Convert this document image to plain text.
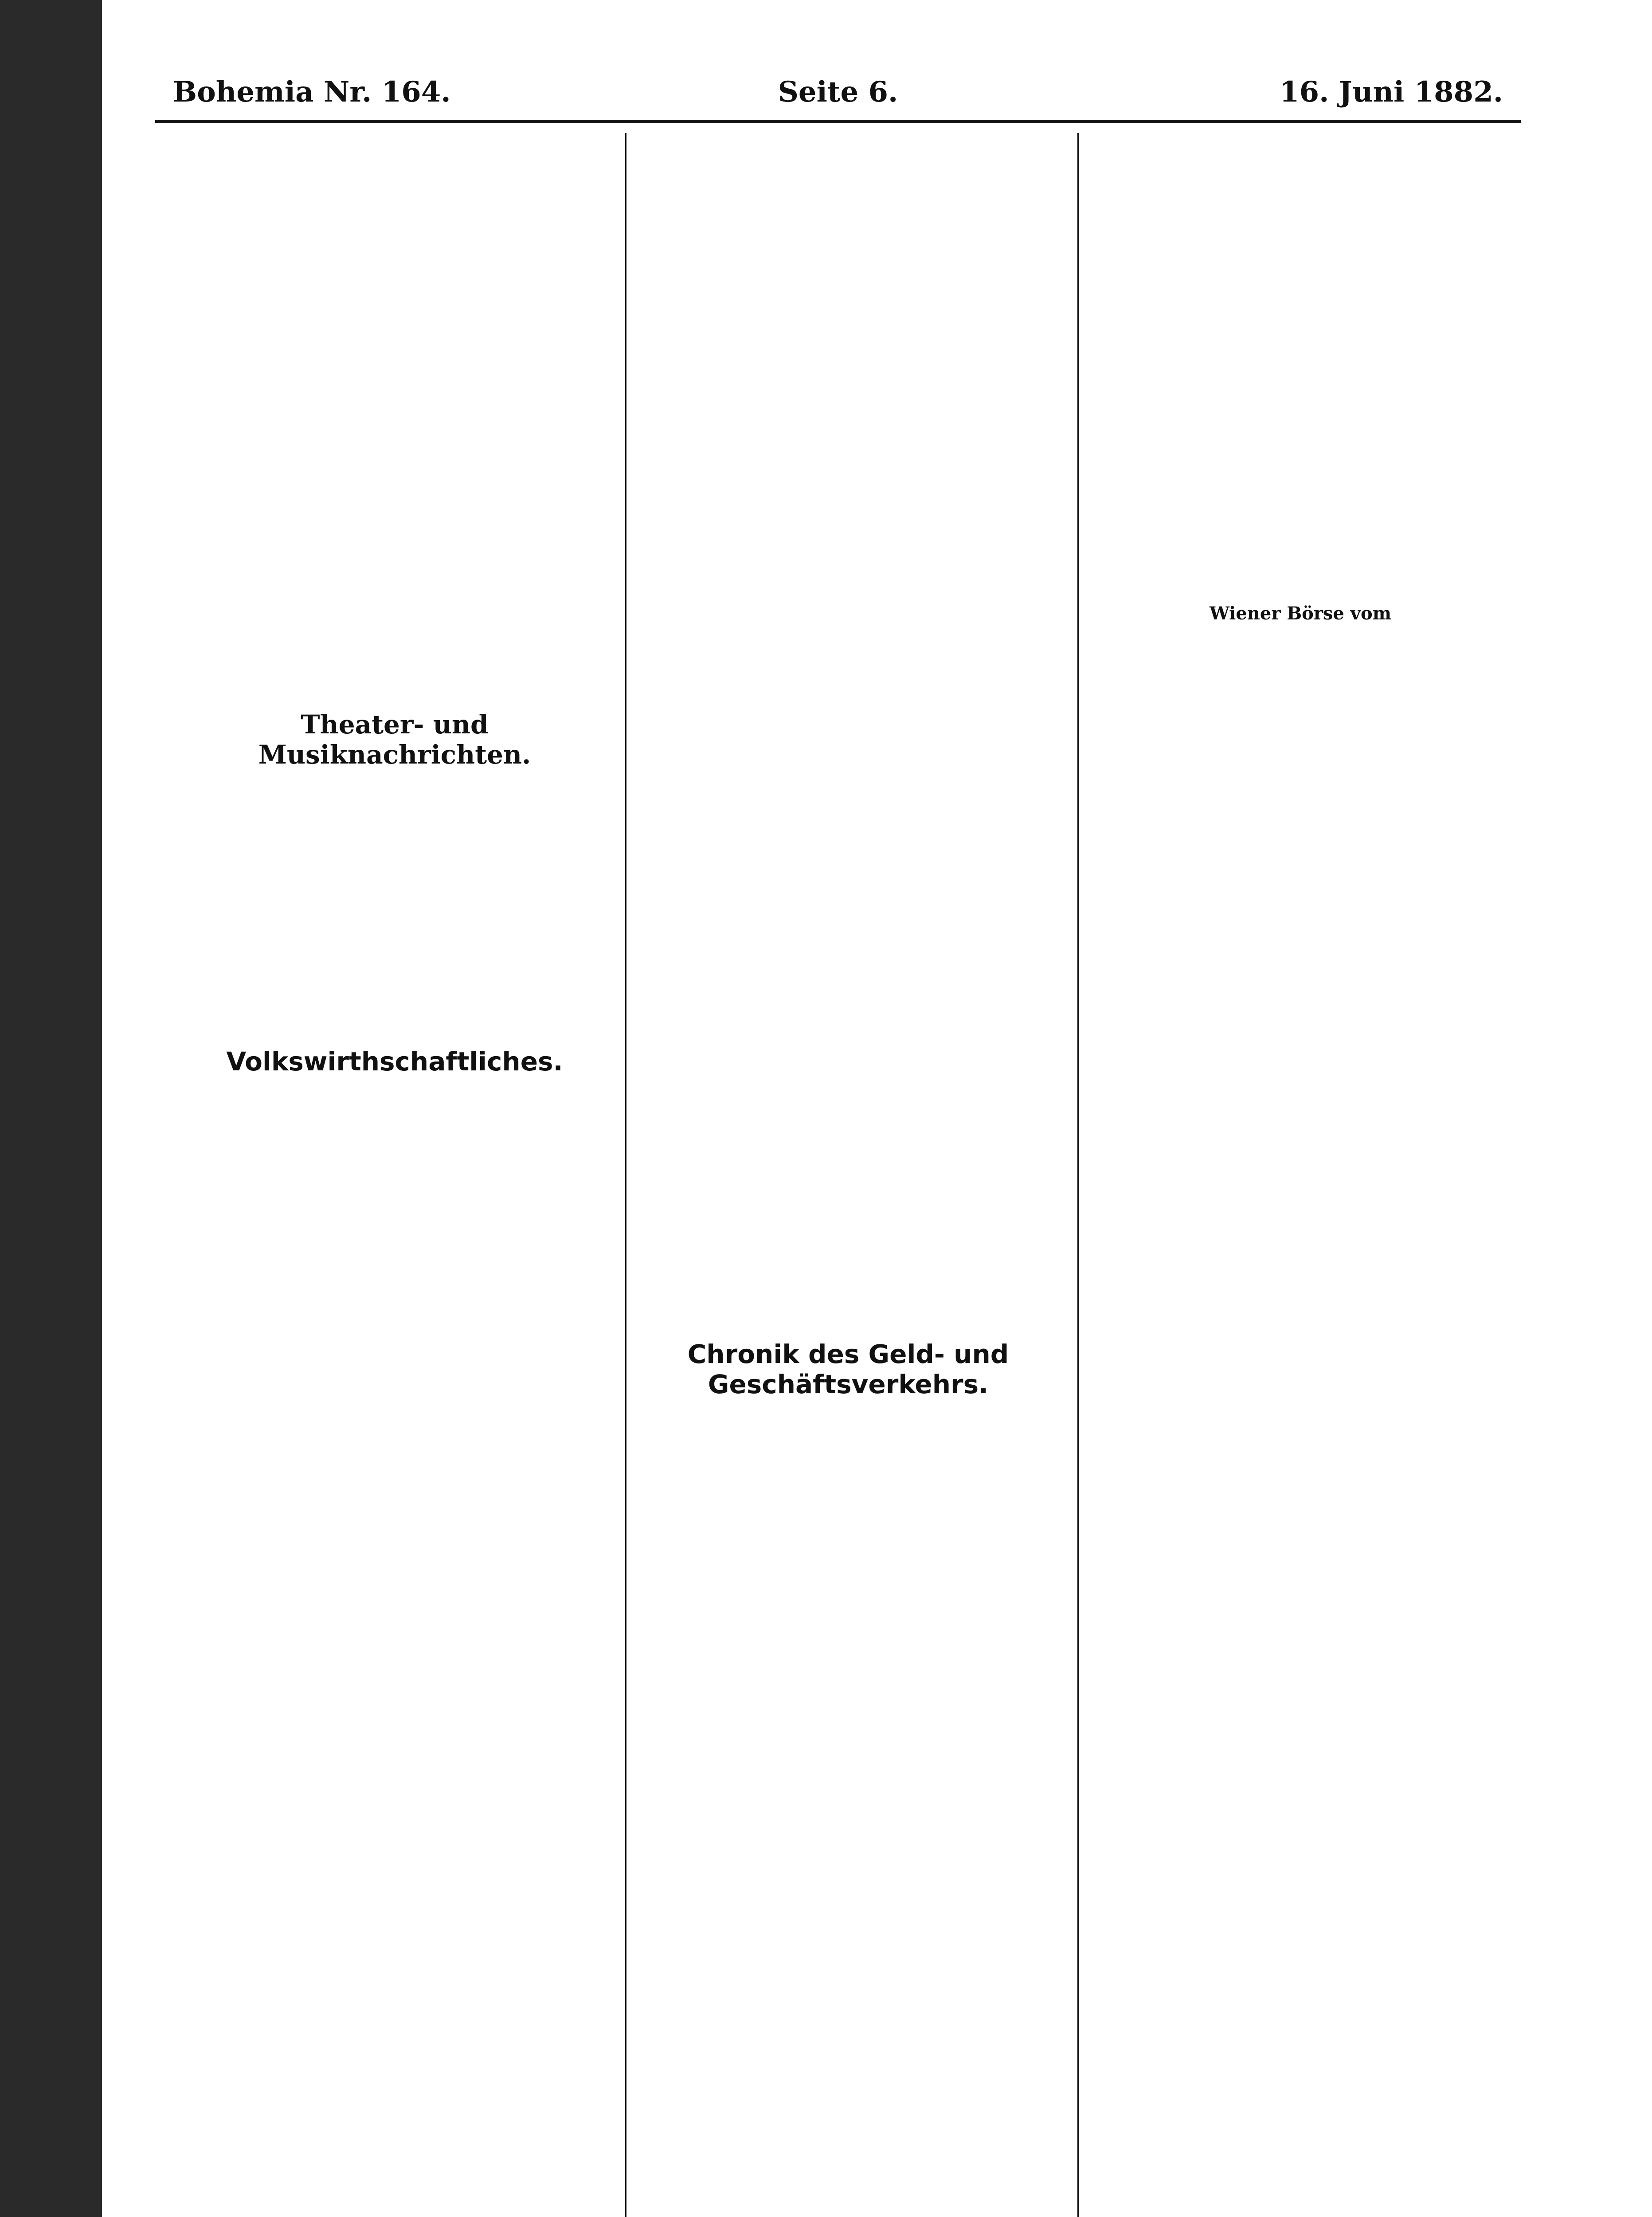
Bohemia Nr. 164.	Seite 6.	16. Juni 1882.
Theater- und Musiknachrichten.
Volkswirthschaftliches.
Chronik des Geld- und Geschäftsverkehrs.
Wiener Börse vom
